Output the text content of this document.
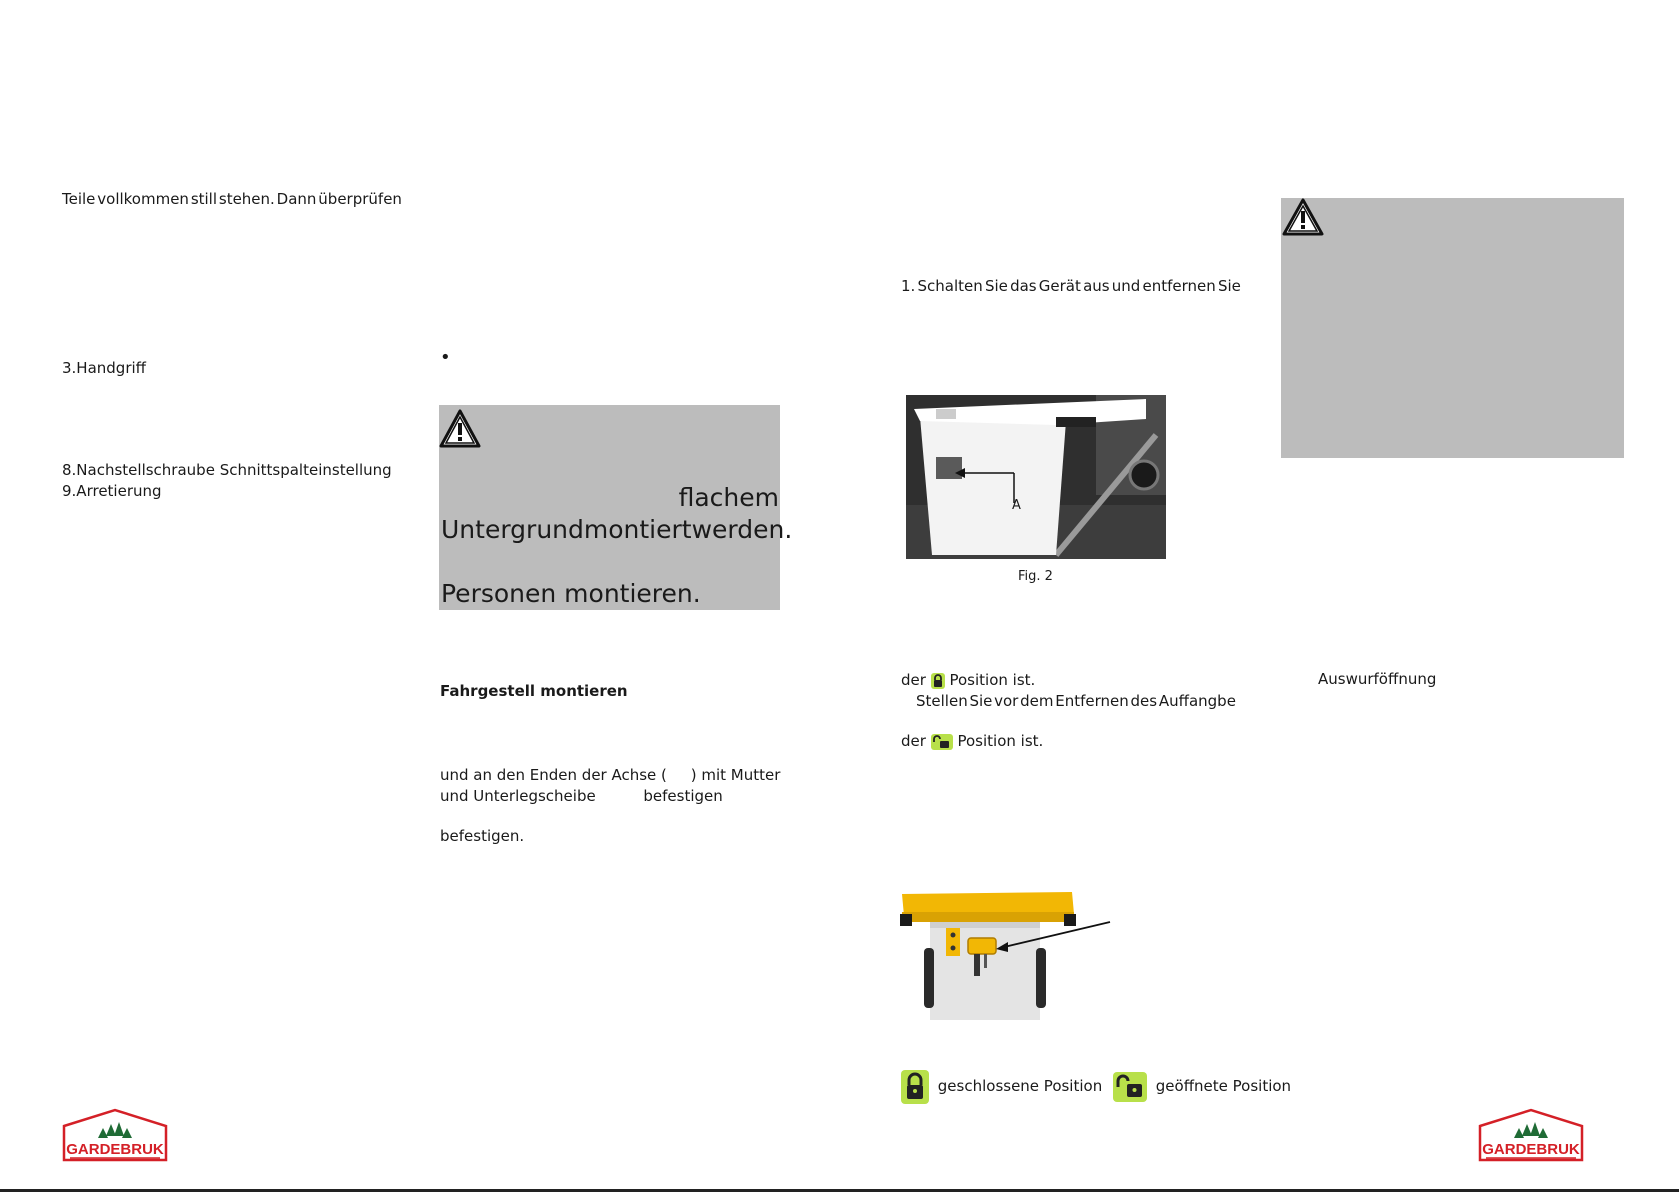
Teile vollkommen still stehen. Dann überprüfen
3.Handgriff
8.Nachstellschraube Schnittspalteinstellung
9.Arretierung
•
flachem
Untergrund montiert werden.
Personen montieren.
Fahrgestell montieren
und an den Enden der Achse (     ) mit Mutter
und Unterlegscheibe          befestigen
befestigen.
1. Schalten Sie das Gerät aus und entfernen Sie
A
Fig. 2
der Position ist.
Stellen Sie vor dem Entfernen des Auffangbe
der Position ist.
geschlossene Position	geöffnete Position
Auswurföffnung
GARDEBRUK	GARDEBRUK
